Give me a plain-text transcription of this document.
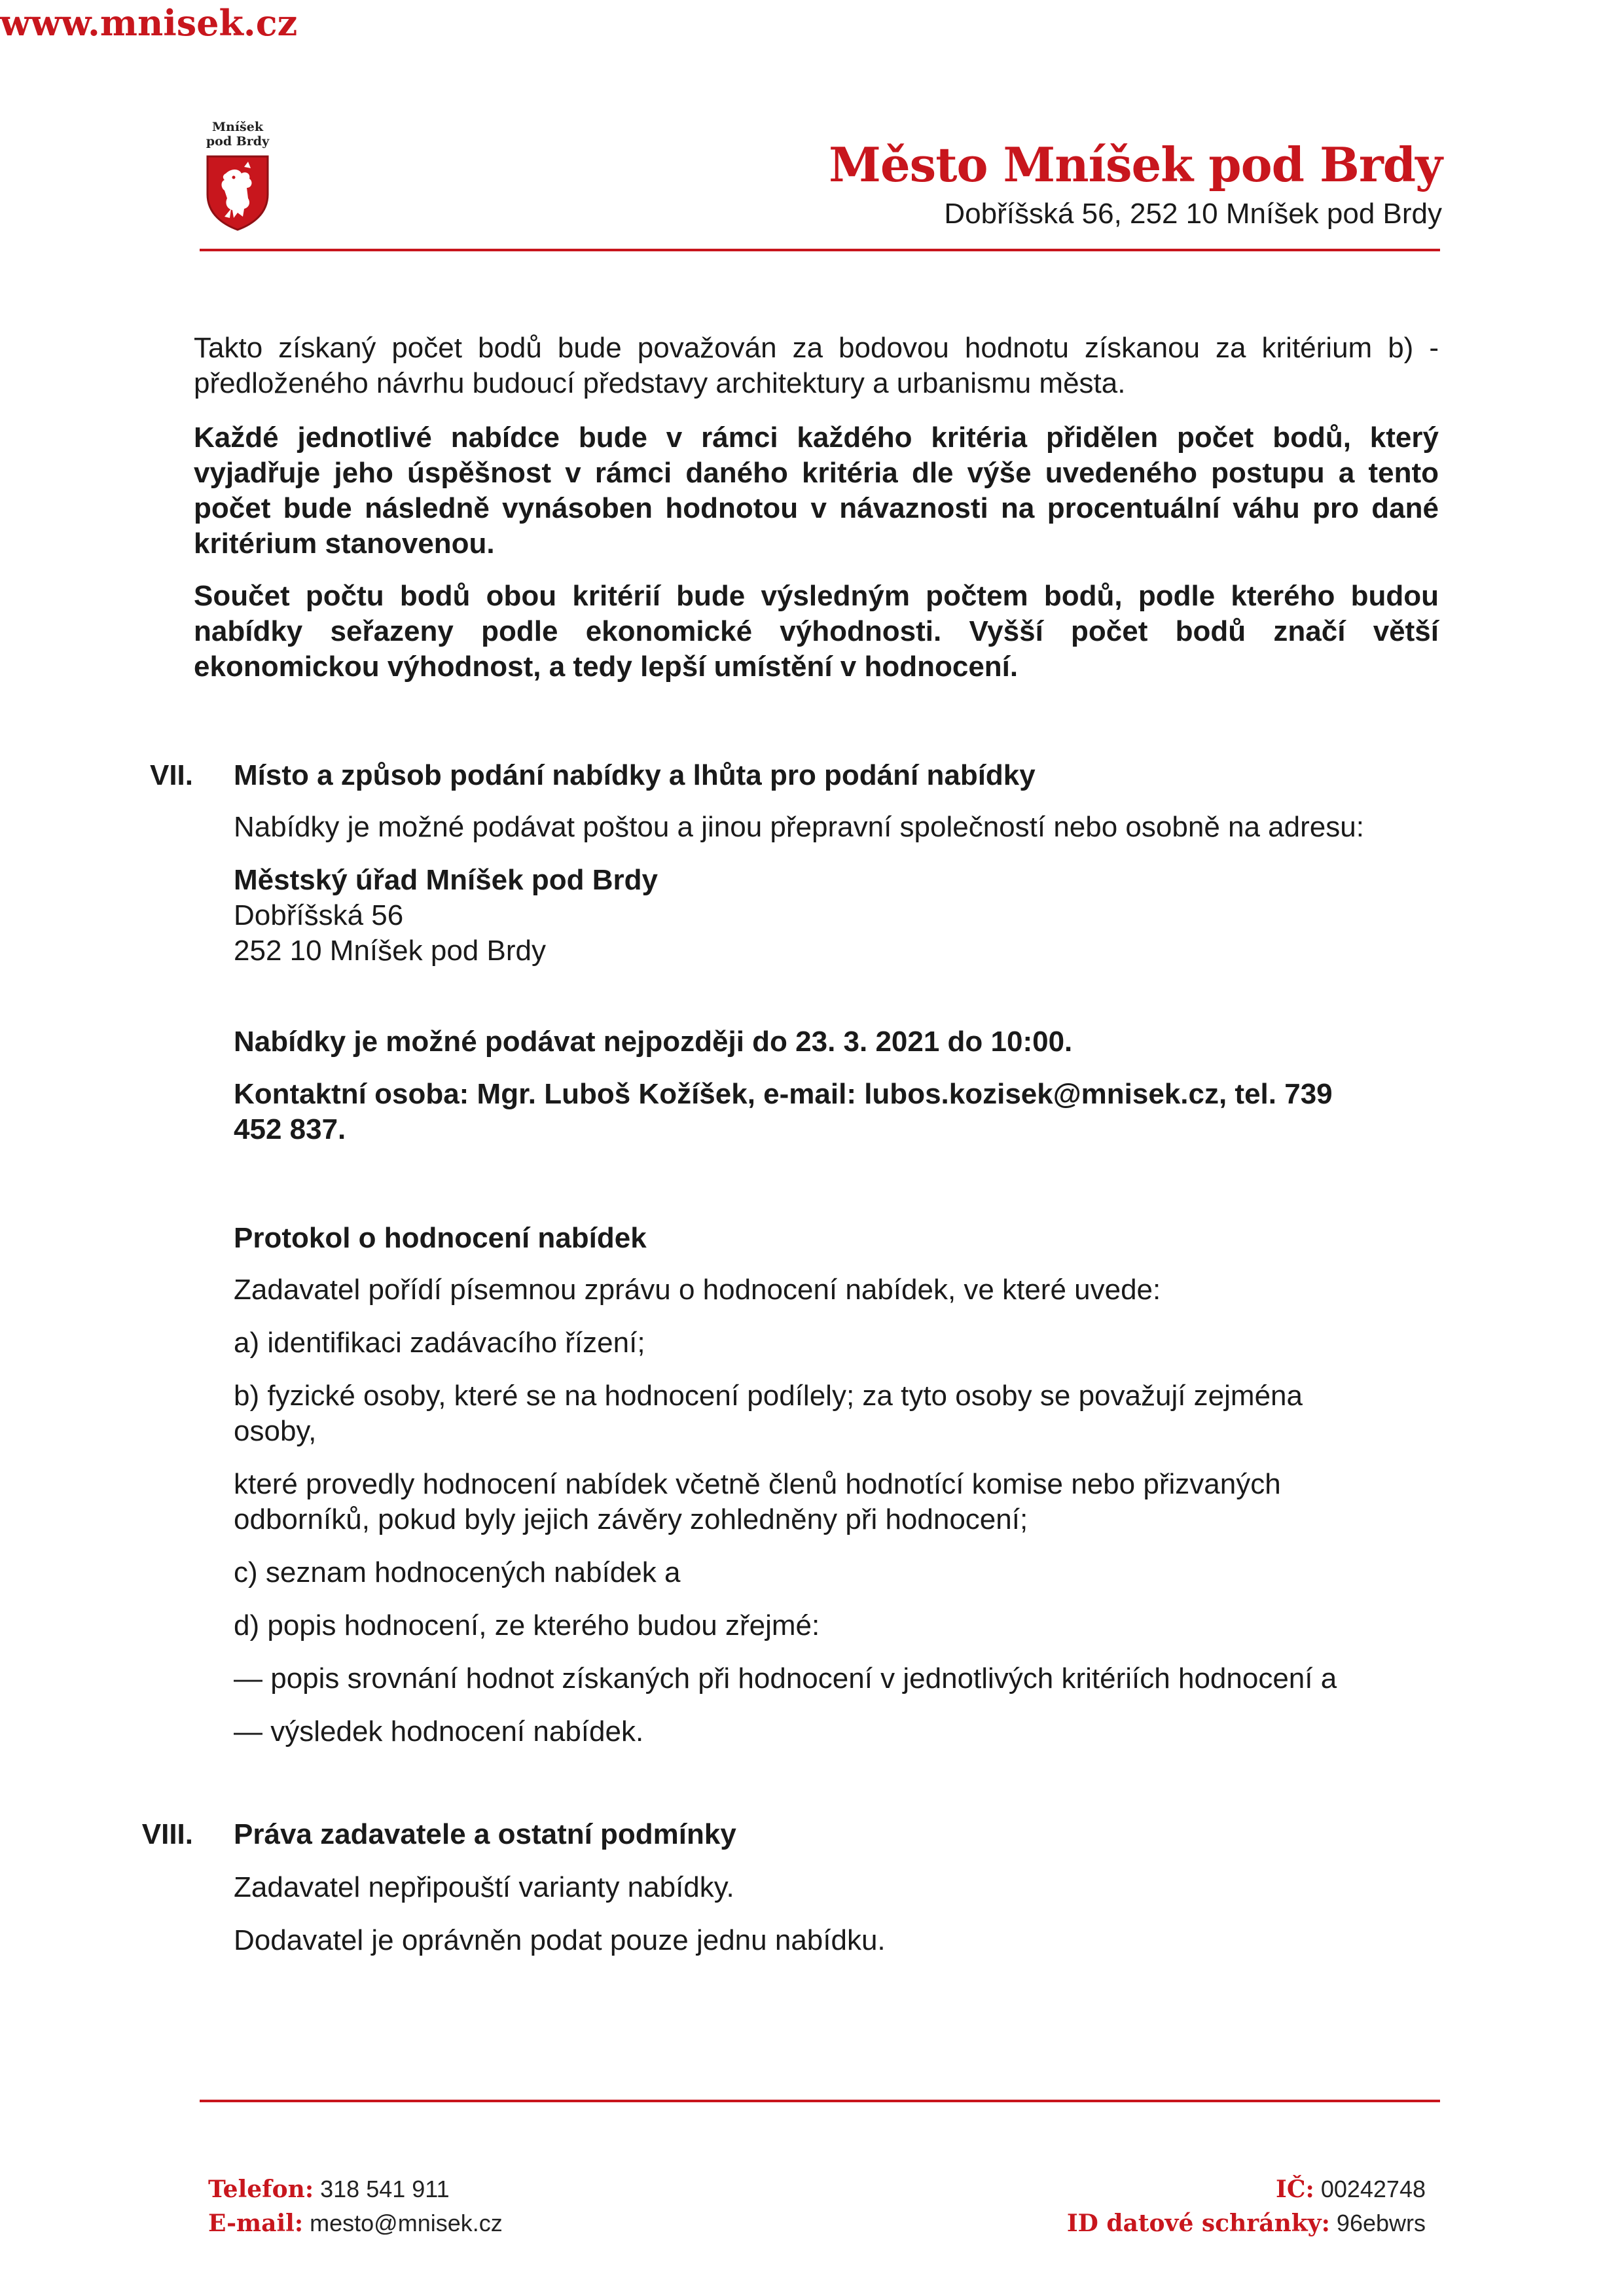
Mníšek
pod Brdy	Město Mníšek pod Brdy
Dobříšská 56, 252 10 Mníšek pod Brdy
Takto získaný počet bodů bude považován za bodovou hodnotu získanou za kritérium b) - předloženého návrhu budoucí představy architektury a urbanismu města.
Každé jednotlivé nabídce bude v rámci každého kritéria přidělen počet bodů, který vyjadřuje jeho úspěšnost v rámci daného kritéria dle výše uvedeného postupu a tento počet bude následně vynásoben hodnotou v návaznosti na procentuální váhu pro dané kritérium stanovenou.
Součet počtu bodů obou kritérií bude výsledným počtem bodů, podle kterého budou nabídky seřazeny podle ekonomické výhodnosti. Vyšší počet bodů značí větší ekonomickou výhodnost, a tedy lepší umístění v hodnocení.
VII. Místo a způsob podání nabídky a lhůta pro podání nabídky
Nabídky je možné podávat poštou a jinou přepravní společností nebo osobně na adresu:
Městský úřad Mníšek pod Brdy
Dobříšská 56
252 10 Mníšek pod Brdy
Nabídky je možné podávat nejpozději do 23. 3. 2021 do 10:00.
Kontaktní osoba: Mgr. Luboš Kožíšek, e-mail: lubos.kozisek@mnisek.cz, tel. 739
452 837.
Protokol o hodnocení nabídek
Zadavatel pořídí písemnou zprávu o hodnocení nabídek, ve které uvede:
a) identifikaci zadávacího řízení;
b) fyzické osoby, které se na hodnocení podílely; za tyto osoby se považují zejména
osoby,
které provedly hodnocení nabídek včetně členů hodnotící komise nebo přizvaných
odborníků, pokud byly jejich závěry zohledněny při hodnocení;
c) seznam hodnocených nabídek a
d) popis hodnocení, ze kterého budou zřejmé:
— popis srovnání hodnot získaných při hodnocení v jednotlivých kritériích hodnocení a
— výsledek hodnocení nabídek.
VIII. Práva zadavatele a ostatní podmínky
Zadavatel nepřipouští varianty nabídky.
Dodavatel je oprávněn podat pouze jednu nabídku.
Telefon: 318 541 911
E-mail: mesto@mnisek.cz
www.mnisek.cz
IČ: 00242748
ID datové schránky: 96ebwrs
